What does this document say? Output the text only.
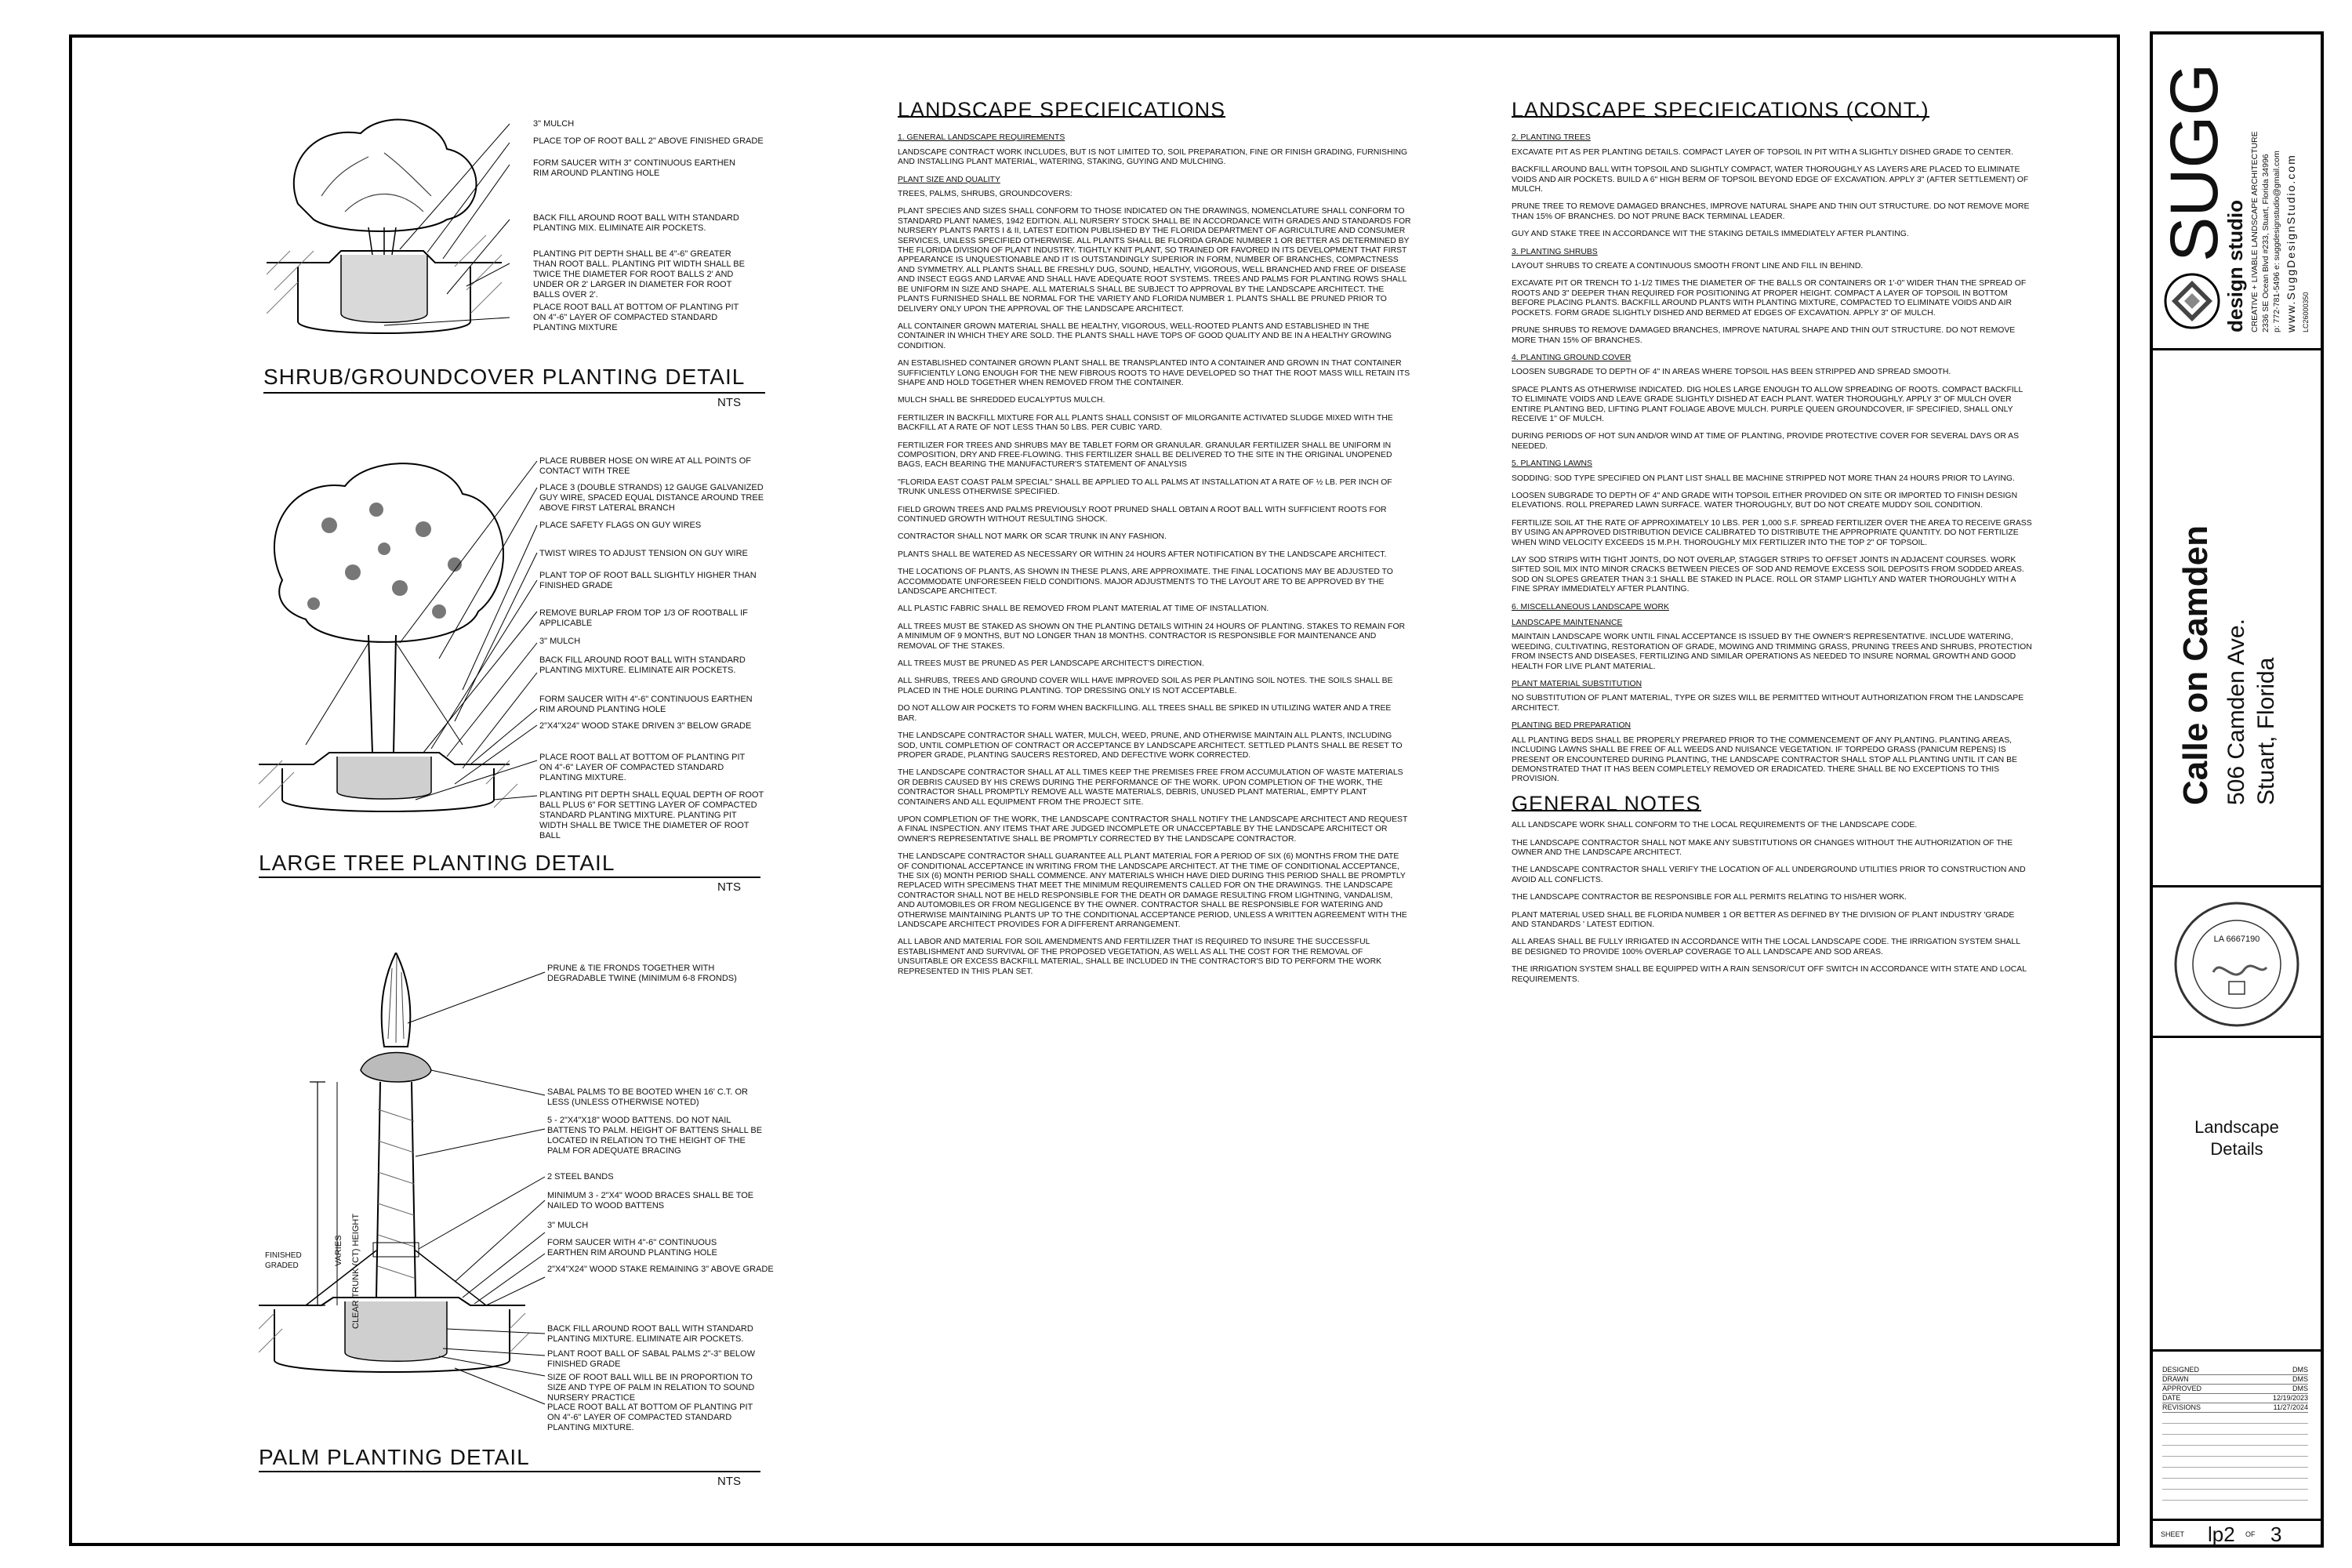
3" MULCH
PLACE TOP OF ROOT BALL 2" ABOVE FINISHED GRADE
FORM SAUCER WITH 3" CONTINUOUS EARTHEN RIM AROUND PLANTING HOLE
BACK FILL AROUND ROOT BALL WITH STANDARD PLANTING MIX. ELIMINATE AIR POCKETS.
PLANTING PIT DEPTH SHALL BE 4"-6" GREATER THAN ROOT BALL. PLANTING PIT WIDTH SHALL BE TWICE THE DIAMETER FOR ROOT BALLS 2' AND UNDER OR 2' LARGER IN DIAMETER FOR ROOT BALLS OVER 2'.
PLACE ROOT BALL AT BOTTOM OF PLANTING PIT ON 4"-6" LAYER OF COMPACTED STANDARD PLANTING MIXTURE
SHRUB/GROUNDCOVER PLANTING DETAIL
NTS
PLACE RUBBER HOSE ON WIRE AT ALL POINTS OF CONTACT WITH TREE
PLACE 3 (DOUBLE STRANDS) 12 GAUGE GALVANIZED GUY WIRE, SPACED EQUAL DISTANCE AROUND TREE ABOVE FIRST LATERAL BRANCH
PLACE SAFETY FLAGS ON GUY WIRES
TWIST WIRES TO ADJUST TENSION ON GUY WIRE
PLANT TOP OF ROOT BALL SLIGHTLY HIGHER THAN FINISHED GRADE
REMOVE BURLAP FROM TOP 1/3 OF ROOTBALL IF APPLICABLE
3" MULCH
BACK FILL AROUND ROOT BALL WITH STANDARD PLANTING MIXTURE. ELIMINATE AIR POCKETS.
FORM SAUCER WITH 4"-6" CONTINUOUS EARTHEN RIM AROUND PLANTING HOLE
2"X4"X24" WOOD STAKE DRIVEN 3" BELOW GRADE
PLACE ROOT BALL AT BOTTOM OF PLANTING PIT ON 4"-6" LAYER OF COMPACTED STANDARD PLANTING MIXTURE.
PLANTING PIT DEPTH SHALL EQUAL DEPTH OF ROOT BALL PLUS 6" FOR SETTING LAYER OF COMPACTED STANDARD PLANTING MIXTURE. PLANTING PIT WIDTH SHALL BE TWICE THE DIAMETER OF ROOT BALL
LARGE TREE PLANTING DETAIL
NTS
VARIES CLEAR TRUNK (CT) HEIGHT
FINISHED GRADED
PRUNE & TIE FRONDS TOGETHER WITH DEGRADABLE TWINE (MINIMUM 6-8 FRONDS)
SABAL PALMS TO BE BOOTED WHEN 16' C.T. OR LESS (UNLESS OTHERWISE NOTED)
5 - 2"X4"X18" WOOD BATTENS. DO NOT NAIL BATTENS TO PALM. HEIGHT OF BATTENS SHALL BE LOCATED IN RELATION TO THE HEIGHT OF THE PALM FOR ADEQUATE BRACING
2 STEEL BANDS
MINIMUM 3 - 2"X4" WOOD BRACES SHALL BE TOE NAILED TO WOOD BATTENS
3" MULCH
FORM SAUCER WITH 4"-6" CONTINUOUS EARTHEN RIM AROUND PLANTING HOLE
2"X4"X24" WOOD STAKE REMAINING 3" ABOVE GRADE
BACK FILL AROUND ROOT BALL WITH STANDARD PLANTING MIXTURE. ELIMINATE AIR POCKETS.
PLANT ROOT BALL OF SABAL PALMS 2"-3" BELOW FINISHED GRADE
SIZE OF ROOT BALL WILL BE IN PROPORTION TO SIZE AND TYPE OF PALM IN RELATION TO SOUND NURSERY PRACTICE
PLACE ROOT BALL AT BOTTOM OF PLANTING PIT ON 4"-6" LAYER OF COMPACTED STANDARD PLANTING MIXTURE.
PALM PLANTING DETAIL
NTS
LANDSCAPE SPECIFICATIONS
1. GENERAL LANDSCAPE REQUIREMENTS

LANDSCAPE CONTRACT WORK INCLUDES, BUT IS NOT LIMITED TO, SOIL PREPARATION, FINE OR FINISH GRADING, FURNISHING AND INSTALLING PLANT MATERIAL, WATERING, STAKING, GUYING AND MULCHING.

PLANT SIZE AND QUALITY

TREES, PALMS, SHRUBS, GROUNDCOVERS:

PLANT SPECIES AND SIZES SHALL CONFORM TO THOSE INDICATED ON THE DRAWINGS, NOMENCLATURE SHALL CONFORM TO STANDARD PLANT NAMES, 1942 EDITION. ALL NURSERY STOCK SHALL BE IN ACCORDANCE WITH GRADES AND STANDARDS FOR NURSERY PLANTS PARTS I & II, LATEST EDITION PUBLISHED BY THE FLORIDA DEPARTMENT OF AGRICULTURE AND CONSUMER SERVICES, UNLESS SPECIFIED OTHERWISE. ALL PLANTS SHALL BE FLORIDA GRADE NUMBER 1 OR BETTER AS DETERMINED BY THE FLORIDA DIVISION OF PLANT INDUSTRY. TIGHTLY KNIT PLANT, SO TRAINED OR FAVORED IN ITS DEVELOPMENT THAT FIRST APPEARANCE IS UNQUESTIONABLE AND IT IS OUTSTANDINGLY SUPERIOR IN FORM, NUMBER OF BRANCHES, COMPACTNESS AND SYMMETRY. ALL PLANTS SHALL BE FRESHLY DUG, SOUND, HEALTHY, VIGOROUS, WELL BRANCHED AND FREE OF DISEASE AND INSECT EGGS AND LARVAE AND SHALL HAVE ADEQUATE ROOT SYSTEMS. TREES AND PALMS FOR PLANTING ROWS SHALL BE UNIFORM IN SIZE AND SHAPE. ALL MATERIALS SHALL BE SUBJECT TO APPROVAL BY THE LANDSCAPE ARCHITECT. THE PLANTS FURNISHED SHALL BE NORMAL FOR THE VARIETY AND FLORIDA NUMBER 1. PLANTS SHALL BE PRUNED PRIOR TO DELIVERY ONLY UPON THE APPROVAL OF THE LANDSCAPE ARCHITECT.

ALL CONTAINER GROWN MATERIAL SHALL BE HEALTHY, VIGOROUS, WELL-ROOTED PLANTS AND ESTABLISHED IN THE CONTAINER IN WHICH THEY ARE SOLD. THE PLANTS SHALL HAVE TOPS OF GOOD QUALITY AND BE IN A HEALTHY GROWING CONDITION.

AN ESTABLISHED CONTAINER GROWN PLANT SHALL BE TRANSPLANTED INTO A CONTAINER AND GROWN IN THAT CONTAINER SUFFICIENTLY LONG ENOUGH FOR THE NEW FIBROUS ROOTS TO HAVE DEVELOPED SO THAT THE ROOT MASS WILL RETAIN ITS SHAPE AND HOLD TOGETHER WHEN REMOVED FROM THE CONTAINER.

MULCH SHALL BE SHREDDED EUCALYPTUS MULCH.

FERTILIZER IN BACKFILL MIXTURE FOR ALL PLANTS SHALL CONSIST OF MILORGANITE ACTIVATED SLUDGE MIXED WITH THE BACKFILL AT A RATE OF NOT LESS THAN 50 LBS. PER CUBIC YARD.

FERTILIZER FOR TREES AND SHRUBS MAY BE TABLET FORM OR GRANULAR. GRANULAR FERTILIZER SHALL BE UNIFORM IN COMPOSITION, DRY AND FREE-FLOWING. THIS FERTILIZER SHALL BE DELIVERED TO THE SITE IN THE ORIGINAL UNOPENED BAGS, EACH BEARING THE MANUFACTURER'S STATEMENT OF ANALYSIS

"FLORIDA EAST COAST PALM SPECIAL" SHALL BE APPLIED TO ALL PALMS AT INSTALLATION AT A RATE OF ½ LB. PER INCH OF TRUNK UNLESS OTHERWISE SPECIFIED.

FIELD GROWN TREES AND PALMS PREVIOUSLY ROOT PRUNED SHALL OBTAIN A ROOT BALL WITH SUFFICIENT ROOTS FOR CONTINUED GROWTH WITHOUT RESULTING SHOCK.

CONTRACTOR SHALL NOT MARK OR SCAR TRUNK IN ANY FASHION.

PLANTS SHALL BE WATERED AS NECESSARY OR WITHIN 24 HOURS AFTER NOTIFICATION BY THE LANDSCAPE ARCHITECT.

THE LOCATIONS OF PLANTS, AS SHOWN IN THESE PLANS, ARE APPROXIMATE. THE FINAL LOCATIONS MAY BE ADJUSTED TO ACCOMMODATE UNFORESEEN FIELD CONDITIONS. MAJOR ADJUSTMENTS TO THE LAYOUT ARE TO BE APPROVED BY THE LANDSCAPE ARCHITECT.

ALL PLASTIC FABRIC SHALL BE REMOVED FROM PLANT MATERIAL AT TIME OF INSTALLATION.

ALL TREES MUST BE STAKED AS SHOWN ON THE PLANTING DETAILS WITHIN 24 HOURS OF PLANTING. STAKES TO REMAIN FOR A MINIMUM OF 9 MONTHS, BUT NO LONGER THAN 18 MONTHS. CONTRACTOR IS RESPONSIBLE FOR MAINTENANCE AND REMOVAL OF THE STAKES.

ALL TREES MUST BE PRUNED AS PER LANDSCAPE ARCHITECT'S DIRECTION.

ALL SHRUBS, TREES AND GROUND COVER WILL HAVE IMPROVED SOIL AS PER PLANTING SOIL NOTES. THE SOILS SHALL BE PLACED IN THE HOLE DURING PLANTING. TOP DRESSING ONLY IS NOT ACCEPTABLE.

DO NOT ALLOW AIR POCKETS TO FORM WHEN BACKFILLING. ALL TREES SHALL BE SPIKED IN UTILIZING WATER AND A TREE BAR.

THE LANDSCAPE CONTRACTOR SHALL WATER, MULCH, WEED, PRUNE, AND OTHERWISE MAINTAIN ALL PLANTS, INCLUDING SOD, UNTIL COMPLETION OF CONTRACT OR ACCEPTANCE BY LANDSCAPE ARCHITECT. SETTLED PLANTS SHALL BE RESET TO PROPER GRADE, PLANTING SAUCERS RESTORED, AND DEFECTIVE WORK CORRECTED.

THE LANDSCAPE CONTRACTOR SHALL AT ALL TIMES KEEP THE PREMISES FREE FROM ACCUMULATION OF WASTE MATERIALS OR DEBRIS CAUSED BY HIS CREWS DURING THE PERFORMANCE OF THE WORK. UPON COMPLETION OF THE WORK, THE CONTRACTOR SHALL PROMPTLY REMOVE ALL WASTE MATERIALS, DEBRIS, UNUSED PLANT MATERIAL, EMPTY PLANT CONTAINERS AND ALL EQUIPMENT FROM THE PROJECT SITE.

UPON COMPLETION OF THE WORK, THE LANDSCAPE CONTRACTOR SHALL NOTIFY THE LANDSCAPE ARCHITECT AND REQUEST A FINAL INSPECTION. ANY ITEMS THAT ARE JUDGED INCOMPLETE OR UNACCEPTABLE BY THE LANDSCAPE ARCHITECT OR OWNER'S REPRESENTATIVE SHALL BE PROMPTLY CORRECTED BY THE LANDSCAPE CONTRACTOR.

THE LANDSCAPE CONTRACTOR SHALL GUARANTEE ALL PLANT MATERIAL FOR A PERIOD OF SIX (6) MONTHS FROM THE DATE OF CONDITIONAL ACCEPTANCE IN WRITING FROM THE LANDSCAPE ARCHITECT. AT THE TIME OF CONDITIONAL ACCEPTANCE, THE SIX (6) MONTH PERIOD SHALL COMMENCE. ANY MATERIALS WHICH HAVE DIED DURING THIS PERIOD SHALL BE PROMPTLY REPLACED WITH SPECIMENS THAT MEET THE MINIMUM REQUIREMENTS CALLED FOR ON THE DRAWINGS. THE LANDSCAPE CONTRACTOR SHALL NOT BE HELD RESPONSIBLE FOR THE DEATH OR DAMAGE RESULTING FROM LIGHTNING, VANDALISM, AND AUTOMOBILES OR FROM NEGLIGENCE BY THE OWNER. CONTRACTOR SHALL BE RESPONSIBLE FOR WATERING AND OTHERWISE MAINTAINING PLANTS UP TO THE CONDITIONAL ACCEPTANCE PERIOD, UNLESS A WRITTEN AGREEMENT WITH THE LANDSCAPE ARCHITECT PROVIDES FOR A DIFFERENT ARRANGEMENT.

ALL LABOR AND MATERIAL FOR SOIL AMENDMENTS AND FERTILIZER THAT IS REQUIRED TO INSURE THE SUCCESSFUL ESTABLISHMENT AND SURVIVAL OF THE PROPOSED VEGETATION, AS WELL AS ALL THE COST FOR THE REMOVAL OF UNSUITABLE OR EXCESS BACKFILL MATERIAL, SHALL BE INCLUDED IN THE CONTRACTOR'S BID TO PERFORM THE WORK REPRESENTED IN THIS PLAN SET.

LANDSCAPE SPECIFICATIONS (CONT.)
2. PLANTING TREES

EXCAVATE PIT AS PER PLANTING DETAILS. COMPACT LAYER OF TOPSOIL IN PIT WITH A SLIGHTLY DISHED GRADE TO CENTER.

BACKFILL AROUND BALL WITH TOPSOIL AND SLIGHTLY COMPACT, WATER THOROUGHLY AS LAYERS ARE PLACED TO ELIMINATE VOIDS AND AIR POCKETS. BUILD A 6" HIGH BERM OF TOPSOIL BEYOND EDGE OF EXCAVATION. APPLY 3" (AFTER SETTLEMENT) OF MULCH.

PRUNE TREE TO REMOVE DAMAGED BRANCHES, IMPROVE NATURAL SHAPE AND THIN OUT STRUCTURE. DO NOT REMOVE MORE THAN 15% OF BRANCHES. DO NOT PRUNE BACK TERMINAL LEADER.

GUY AND STAKE TREE IN ACCORDANCE WIT THE STAKING DETAILS IMMEDIATELY AFTER PLANTING.

3. PLANTING SHRUBS

LAYOUT SHRUBS TO CREATE A CONTINUOUS SMOOTH FRONT LINE AND FILL IN BEHIND.

EXCAVATE PIT OR TRENCH TO 1-1/2 TIMES THE DIAMETER OF THE BALLS OR CONTAINERS OR 1'-0" WIDER THAN THE SPREAD OF ROOTS AND 3" DEEPER THAN REQUIRED FOR POSITIONING AT PROPER HEIGHT. COMPACT A LAYER OF TOPSOIL IN BOTTOM BEFORE PLACING PLANTS. BACKFILL AROUND PLANTS WITH PLANTING MIXTURE, COMPACTED TO ELIMINATE VOIDS AND AIR POCKETS. FORM GRADE SLIGHTLY DISHED AND BERMED AT EDGES OF EXCAVATION. APPLY 3" OF MULCH.

PRUNE SHRUBS TO REMOVE DAMAGED BRANCHES, IMPROVE NATURAL SHAPE AND THIN OUT STRUCTURE. DO NOT REMOVE MORE THAN 15% OF BRANCHES.

4. PLANTING GROUND COVER

LOOSEN SUBGRADE TO DEPTH OF 4" IN AREAS WHERE TOPSOIL HAS BEEN STRIPPED AND SPREAD SMOOTH.

SPACE PLANTS AS OTHERWISE INDICATED. DIG HOLES LARGE ENOUGH TO ALLOW SPREADING OF ROOTS. COMPACT BACKFILL TO ELIMINATE VOIDS AND LEAVE GRADE SLIGHTLY DISHED AT EACH PLANT. WATER THOROUGHLY. APPLY 3" OF MULCH OVER ENTIRE PLANTING BED, LIFTING PLANT FOLIAGE ABOVE MULCH. PURPLE QUEEN GROUNDCOVER, IF SPECIFIED, SHALL ONLY RECEIVE 1" OF MULCH.

DURING PERIODS OF HOT SUN AND/OR WIND AT TIME OF PLANTING, PROVIDE PROTECTIVE COVER FOR SEVERAL DAYS OR AS NEEDED.

5. PLANTING LAWNS

SODDING: SOD TYPE SPECIFIED ON PLANT LIST SHALL BE MACHINE STRIPPED NOT MORE THAN 24 HOURS PRIOR TO LAYING.

LOOSEN SUBGRADE TO DEPTH OF 4" AND GRADE WITH TOPSOIL EITHER PROVIDED ON SITE OR IMPORTED TO FINISH DESIGN ELEVATIONS. ROLL PREPARED LAWN SURFACE. WATER THOROUGHLY, BUT DO NOT CREATE MUDDY SOIL CONDITION.

FERTILIZE SOIL AT THE RATE OF APPROXIMATELY 10 LBS. PER 1,000 S.F. SPREAD FERTILIZER OVER THE AREA TO RECEIVE GRASS BY USING AN APPROVED DISTRIBUTION DEVICE CALIBRATED TO DISTRIBUTE THE APPROPRIATE QUANTITY. DO NOT FERTILIZE WHEN WIND VELOCITY EXCEEDS 15 M.P.H. THOROUGHLY MIX FERTILIZER INTO THE TOP 2" OF TOPSOIL.

LAY SOD STRIPS WITH TIGHT JOINTS, DO NOT OVERLAP, STAGGER STRIPS TO OFFSET JOINTS IN ADJACENT COURSES. WORK SIFTED SOIL MIX INTO MINOR CRACKS BETWEEN PIECES OF SOD AND REMOVE EXCESS SOIL DEPOSITS FROM SODDED AREAS. SOD ON SLOPES GREATER THAN 3:1 SHALL BE STAKED IN PLACE. ROLL OR STAMP LIGHTLY AND WATER THOROUGHLY WITH A FINE SPRAY IMMEDIATELY AFTER PLANTING.

6. MISCELLANEOUS LANDSCAPE WORK
LANDSCAPE MAINTENANCE

MAINTAIN LANDSCAPE WORK UNTIL FINAL ACCEPTANCE IS ISSUED BY THE OWNER'S REPRESENTATIVE. INCLUDE WATERING, WEEDING, CULTIVATING, RESTORATION OF GRADE, MOWING AND TRIMMING GRASS, PRUNING TREES AND SHRUBS, PROTECTION FROM INSECTS AND DISEASES, FERTILIZING AND SIMILAR OPERATIONS AS NEEDED TO INSURE NORMAL GROWTH AND GOOD HEALTH FOR LIVE PLANT MATERIAL.

PLANT MATERIAL SUBSTITUTION

NO SUBSTITUTION OF PLANT MATERIAL, TYPE OR SIZES WILL BE PERMITTED WITHOUT AUTHORIZATION FROM THE LANDSCAPE ARCHITECT.

PLANTING BED PREPARATION

ALL PLANTING BEDS SHALL BE PROPERLY PREPARED PRIOR TO THE COMMENCEMENT OF ANY PLANTING. PLANTING AREAS, INCLUDING LAWNS SHALL BE FREE OF ALL WEEDS AND NUISANCE VEGETATION. IF TORPEDO GRASS (PANICUM REPENS) IS PRESENT OR ENCOUNTERED DURING PLANTING, THE LANDSCAPE CONTRACTOR SHALL STOP ALL PLANTING UNTIL IT CAN BE DEMONSTRATED THAT IT HAS BEEN COMPLETELY REMOVED OR ERADICATED. THERE SHALL BE NO EXCEPTIONS TO THIS PROVISION.

GENERAL NOTES

ALL LANDSCAPE WORK SHALL CONFORM TO THE LOCAL REQUIREMENTS OF THE LANDSCAPE CODE.

THE LANDSCAPE CONTRACTOR SHALL NOT MAKE ANY SUBSTITUTIONS OR CHANGES WITHOUT THE AUTHORIZATION OF THE OWNER AND THE LANDSCAPE ARCHITECT.

THE LANDSCAPE CONTRACTOR SHALL VERIFY THE LOCATION OF ALL UNDERGROUND UTILITIES PRIOR TO CONSTRUCTION AND AVOID ALL CONFLICTS.

THE LANDSCAPE CONTRACTOR BE RESPONSIBLE FOR ALL PERMITS RELATING TO HIS/HER WORK.

PLANT MATERIAL USED SHALL BE FLORIDA NUMBER 1 OR BETTER AS DEFINED BY THE DIVISION OF PLANT INDUSTRY 'GRADE AND STANDARDS ' LATEST EDITION.

ALL AREAS SHALL BE FULLY IRRIGATED IN ACCORDANCE WITH THE LOCAL LANDSCAPE CODE. THE IRRIGATION SYSTEM SHALL BE DESIGNED TO PROVIDE 100% OVERLAP COVERAGE TO ALL LANDSCAPE AND SOD AREAS.

THE IRRIGATION SYSTEM SHALL BE EQUIPPED WITH A RAIN SENSOR/CUT OFF SWITCH IN ACCORDANCE WITH STATE AND LOCAL REQUIREMENTS.

SUGG
design studio CREATIVE + LIVABLE LANDSCAPE ARCHITECTURE 2336 SE Ocean Blvd #233, Stuart, Florida 34996 p: 772-781-5496 e: suggdesignstudio@gmail.com www.SuggDesignStudio.com LC26000350
Calle on Camden 506 Camden Ave. Stuart, Florida
LA 6667190
Landscape
Details
DESIGNED	DMS
DRAWN	DMS
APPROVED	DMS
DATE	12/19/2023
REVISIONS	11/27/2024
SHEET lp2 OF 3
